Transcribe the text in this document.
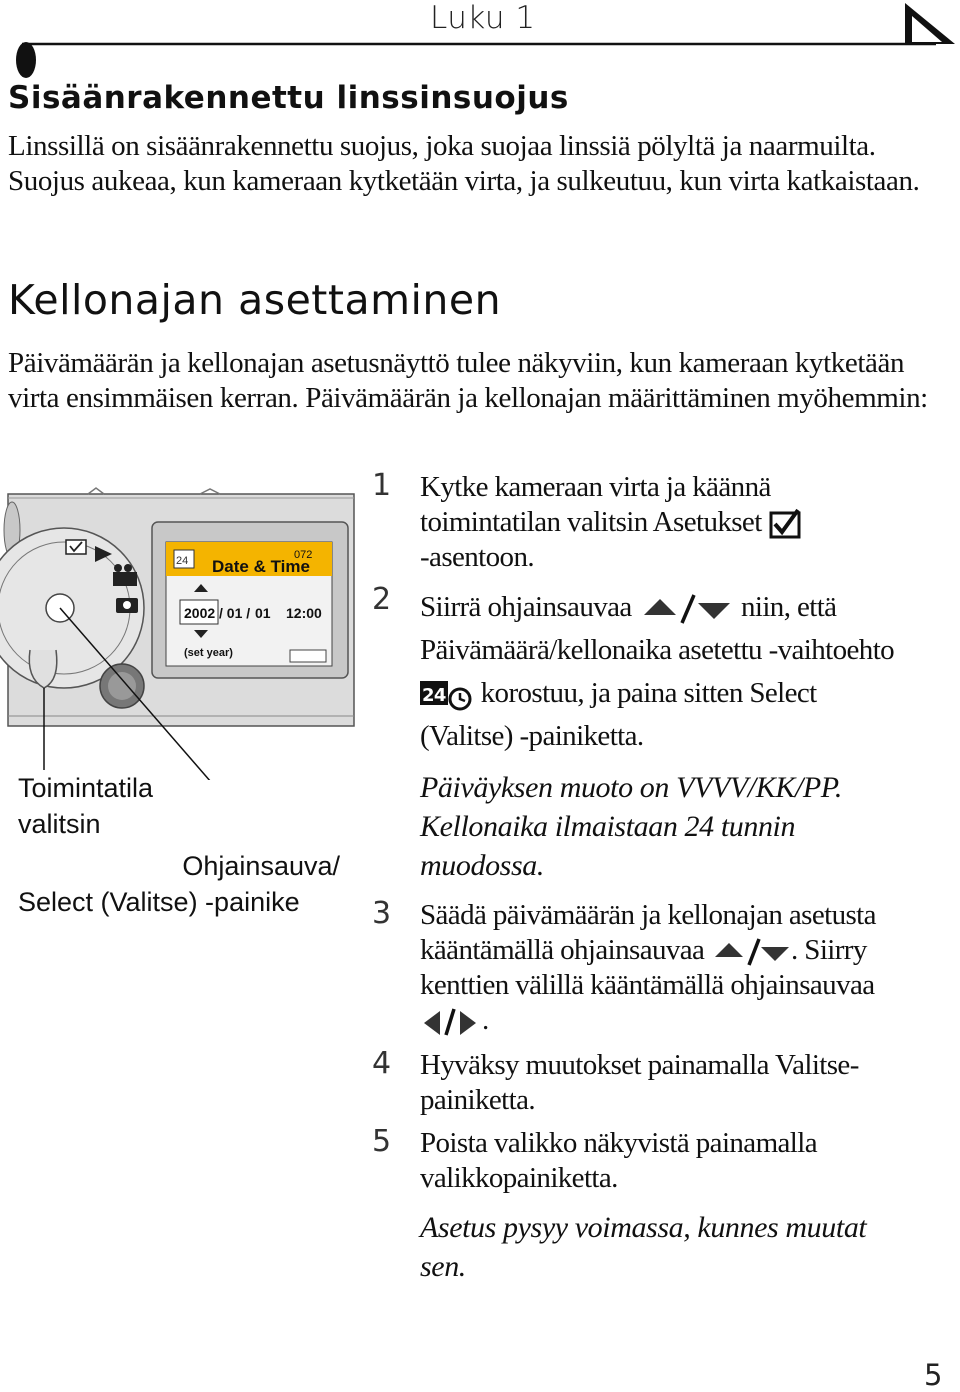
Luku 1
Sisäänrakennettu linssinsuojus

Linssillä on sisäänrakennettu suojus, joka suojaa linssiä pölyltä ja naarmuilta. Suojus aukeaa, kun kameraan kytketään virta, ja sulkeutuu, kun virta katkaistaan.

Kellonajan asettaminen

Päivämäärän ja kellonajan asetusnäyttö tulee näkyviin, kun kameraan kytketään virta ensimmäisen kerran. Päivämäärän ja kellonajan määrittäminen myöhemmin:

24 Date & Time
072
2002 / 01 / 01 12:00
(set year)
Toimintatila
valitsin
Ohjainsauva/
Select (Valitse) -painike
1 Kytke kameraan virta ja käännä
toimintatilan valitsin Asetukset
-asentoon.
2 Siirrä ohjainsauvaa	niin, että
Päivämäärä/kellonaika asetettu -vaihtoehto
24 korostuu, ja paina sitten Select
(Valitse) -painiketta.
Päiväyksen muoto on VVVV/KK/PP.
Kellonaika ilmaistaan 24 tunnin
muodossa.
3 Säädä päivämäärän ja kellonajan asetusta
kääntämällä ohjainsauvaa	. Siirry
kenttien välillä kääntämällä ohjainsauvaa
.
4 Hyväksy muutokset painamalla Valitse-
painiketta.
5 Poista valikko näkyvistä painamalla
valikkopainiketta.
Asetus pysyy voimassa, kunnes muutat
sen.
5
